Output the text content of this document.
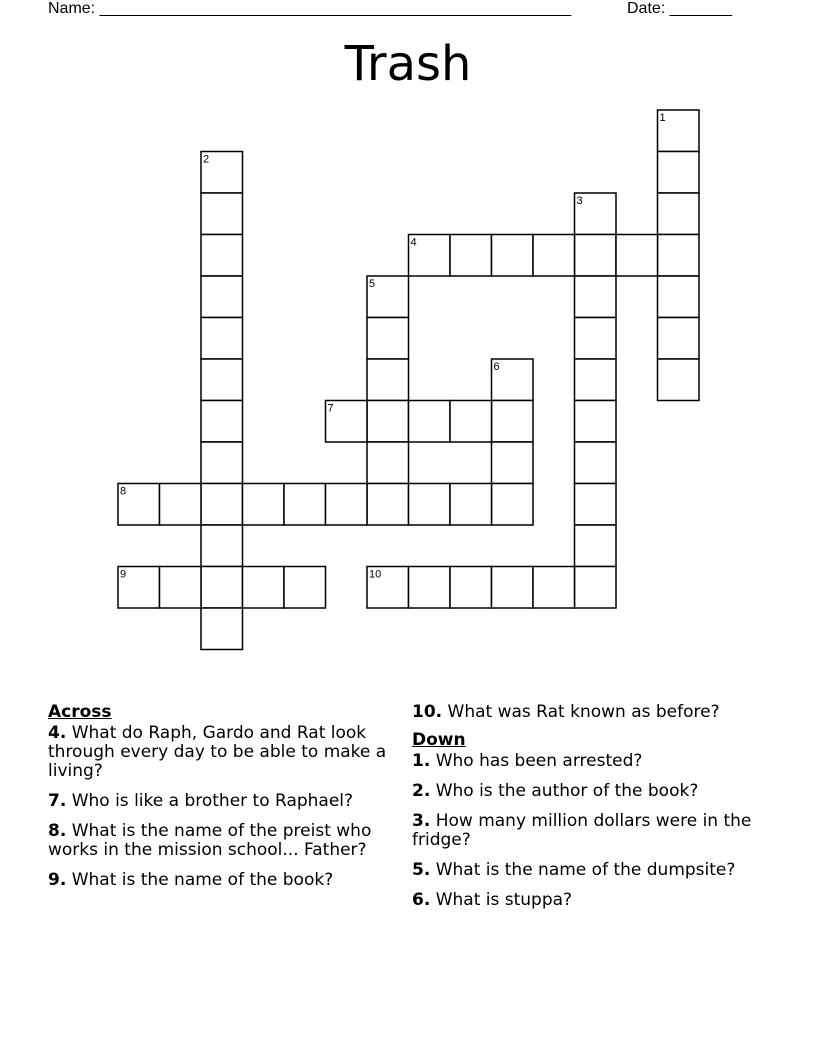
Name: _____________________________________________________	Date: _______
Trash
1
2
3
4
5
6
7
8
9	10
Across
4. What do Raph, Gardo and Rat look through every day to be able to make a living?
7. Who is like a brother to Raphael?
8. What is the name of the preist who works in the mission school... Father?
9. What is the name of the book?
10. What was Rat known as before?
Down
1. Who has been arrested?
2. Who is the author of the book?
3. How many million dollars were in the fridge?
5. What is the name of the dumpsite?
6. What is stuppa?
